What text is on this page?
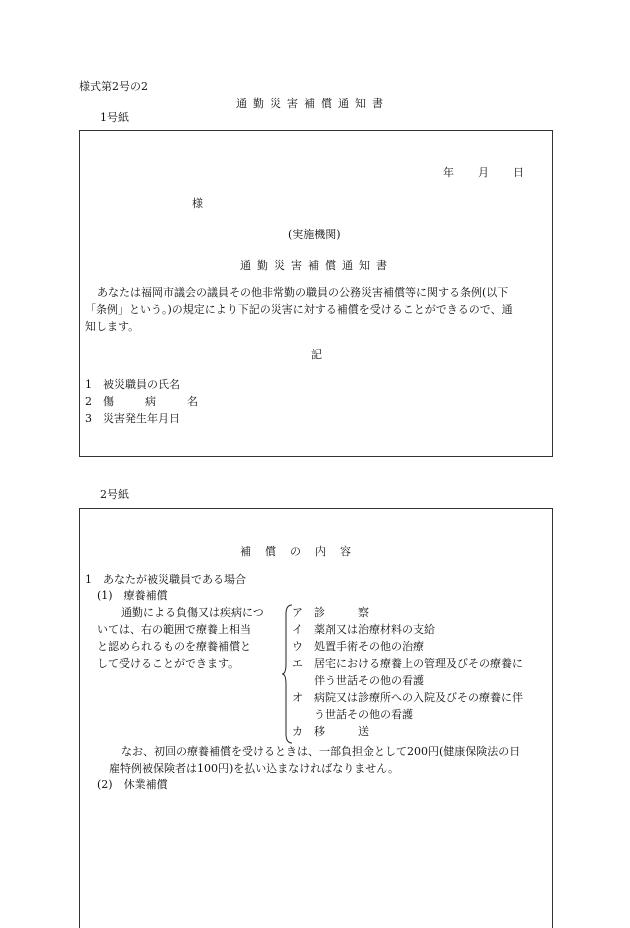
様式第2号の2
通勤災害補償通知書
1号紙
年 月 日
様
(実施機関)
通勤災害補償通知書
あなたは福岡市議会の議員その他非常勤の職員の公務災害補償等に関する条例(以下
「条例」という。)の規定により下記の災害に対する補償を受けることができるので、通
知します。
記
1 被災職員の氏名
2 傷　病　名
3 災害発生年月日
2号紙
補償の内容
1　あなたが被災職員である場合
(1)　療養補償
通勤による負傷又は疾病につ
いては、右の範囲で療養上相当
と認められるものを療養補償と
して受けることができます。
ア　診　　　察
イ　薬剤又は治療材料の支給
ウ　処置手術その他の治療
エ　居宅における療養上の管理及びその療養に
　　伴う世話その他の看護
オ　病院又は診療所への入院及びその療養に伴
　　う世話その他の看護
カ　移　　　送
なお、初回の療養補償を受けるときは、一部負担金として200円(健康保険法の日
雇特例被保険者は100円)を払い込まなければなりません。
(2)　休業補償
